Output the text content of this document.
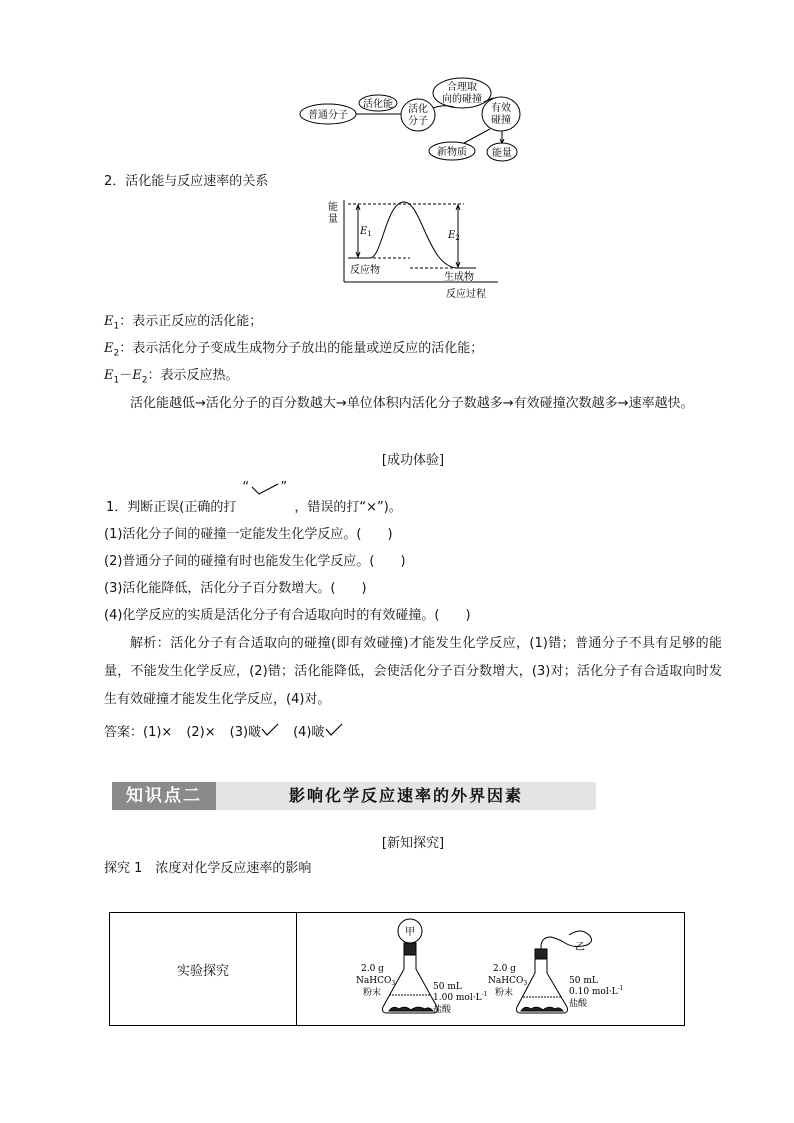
普通分子
活化能 活化
分子
合理取
向的碰撞
有效
碰撞
新物质	能量
2．活化能与反应速率的关系
能
量
$E_1$	$E_2$
反应物
生成物
反应过程
$E_1$：表示正反应的活化能；
$E_2$：表示活化分子变成生成物分子放出的能量或逆反应的活化能；
$E_1-E_2$：表示反应热。
活化能越低→活化分子的百分数越大→单位体积内活化分子数越多→有效碰撞次数越多→速率越快。
[成功体验]
1．判断正误(正确的打
“ ”
，错误的打“×”)。
(1)活化分子间的碰撞一定能发生化学反应。(　　)
(2)普通分子间的碰撞有时也能发生化学反应。(　　)
(3)活化能降低，活化分子百分数增大。(　　)
(4)化学反应的实质是活化分子有合适取向时的有效碰撞。(　　)
解析：活化分子有合适取向的碰撞(即有效碰撞)才能发生化学反应，(1)错；普通分子不具有足够的能量，不能发生化学反应，(2)错；活化能降低，会使活化分子百分数增大，(3)对；活化分子有合适取向时发生有效碰撞才能发生化学反应，(4)对。
答案：(1)× (2)× (3)啵 (4)啵
知识点二	影响化学反应速率的外界因素
[新知探究]
探究 1　浓度对化学反应速率的影响
实验探究	
甲
2.0 g
NaHCO$_3$
粉末
50 mL
1.00 $mol\cdot L^{-1}$
盐酸
乙
2.0 g
NaHCO$_3$
粉末
50 mL
0.10 $mol\cdot L^{-1}$
盐酸
